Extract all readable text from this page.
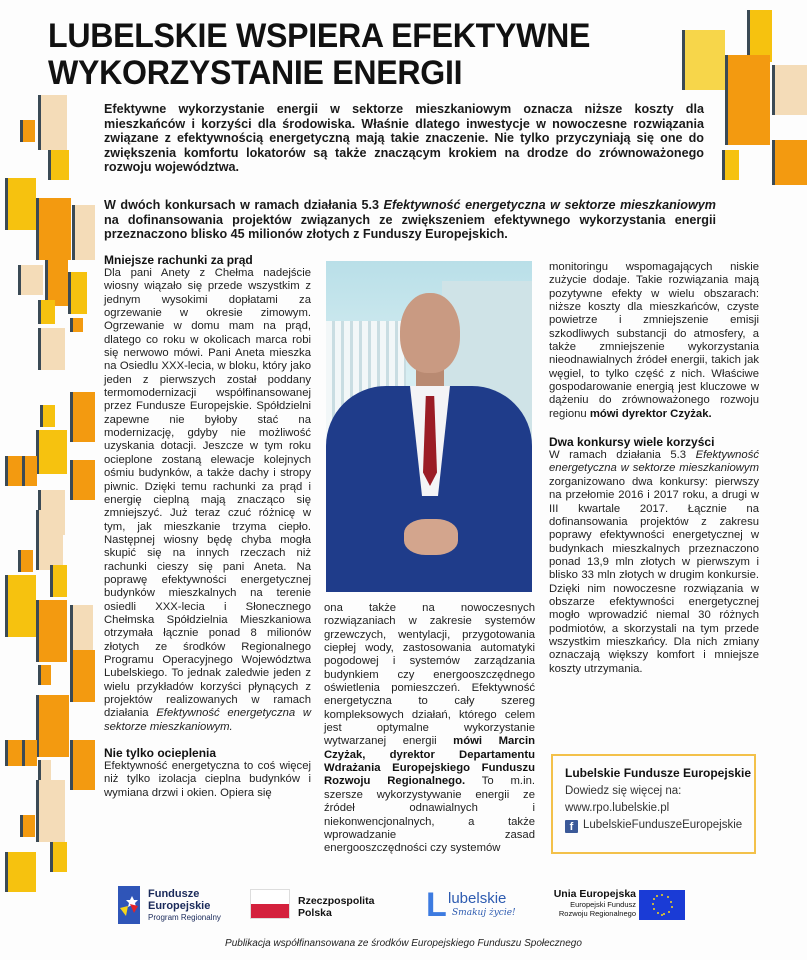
LUBELSKIE WSPIERA EFEKTYWNE
WYKORZYSTANIE ENERGII
Efektywne wykorzystanie energii w sektorze mieszkaniowym oznacza niższe koszty dla mieszkańców i korzyści dla środowiska. Właśnie dlatego inwestycje w nowoczesne rozwiązania związane z efektywnością energetyczną mają takie znaczenie. Nie tylko przyczyniają się one do zwiększenia komfortu lokatorów są także znaczącym krokiem na drodze do zrównoważonego rozwoju województwa.
W dwóch konkursach w ramach działania 5.3 Efektywność energetyczna w sektorze mieszkaniowym na dofinansowania projektów związanych ze zwiększeniem efektywnego wykorzystania energii przeznaczono blisko 45 milionów złotych z Funduszy Europejskich.
Mniejsze rachunki za prąd

Dla pani Anety z Chełma nadejście wiosny wiązało się przede wszystkim z jednym wysokimi dopłatami za ogrzewanie w okresie zimowym. Ogrzewanie w domu mam na prąd, dlatego co roku w okolicach marca robi się nerwowo mówi. Pani Aneta mieszka na Osiedlu XXX-lecia, w bloku, który jako jeden z pierwszych został poddany termomodernizacji współfinansowanej przez Fundusze Europejskie. Spółdzielni zapewne nie byłoby stać na modernizację, gdyby nie możliwość uzyskania dotacji. Jeszcze w tym roku ocieplone zostaną elewacje kolejnych ośmiu budynków, a także dachy i stropy piwnic. Dzięki temu rachunki za prąd i energię cieplną mają znacząco się zmniejszyć. Już teraz czuć różnicę w tym, jak mieszkanie trzyma ciepło. Następnej wiosny będę chyba mogła skupić się na innych rzeczach niż rachunki cieszy się pani Aneta. Na poprawę efektywności energetycznej budynków mieszkalnych na terenie osiedli XXX-lecia i Słonecznego Chełmska Spółdzielnia Mieszkaniowa otrzymała łącznie ponad 8 milionów złotych ze środków Regionalnego Programu Operacyjnego Województwa Lubelskiego. To jednak zaledwie jeden z wielu przykładów korzyści płynących z projektów realizowanych w ramach działania Efektywność energetyczna w sektorze mieszkaniowym.

Nie tylko ocieplenia

Efektywność energetyczna to coś więcej niż tylko izolacja cieplna budynków i wymiana drzwi i okien. Opiera się

ona także na nowoczesnych rozwiązaniach w zakresie systemów grzewczych, wentylacji, przygotowania ciepłej wody, zastosowania automatyki pogodowej i systemów zarządzania budynkiem czy energooszczędnego oświetlenia pomieszczeń. Efektywność energetyczna to cały szereg kompleksowych działań, którego celem jest optymalne wykorzystanie wytwarzanej energii mówi Marcin Czyżak, dyrektor Departamentu Wdrażania Europejskiego Funduszu Rozwoju Regionalnego. To m.in. szersze wykorzystywanie energii ze źródeł odnawialnych i niekonwencjonalnych, a także wprowadzanie zasad energooszczędności czy systemów

monitoringu wspomagających niskie zużycie dodaje. Takie rozwiązania mają pozytywne efekty w wielu obszarach: niższe koszty dla mieszkańców, czyste powietrze i zmniejszenie emisji szkodliwych substancji do atmosfery, a także zmniejszenie wykorzystania nieodnawialnych źródeł energii, takich jak węgiel, to tylko część z nich. Właściwe gospodarowanie energią jest kluczowe w dążeniu do zrównoważonego rozwoju regionu mówi dyrektor Czyżak.

Dwa konkursy wiele korzyści

W ramach działania 5.3 Efektywność energetyczna w sektorze mieszkaniowym zorganizowano dwa konkursy: pierwszy na przełomie 2016 i 2017 roku, a drugi w III kwartale 2017. Łącznie na dofinansowania projektów z zakresu poprawy efektywności energetycznej w budynkach mieszkalnych przeznaczono ponad 13,9 mln złotych w pierwszym i blisko 33 mln złotych w drugim konkursie. Dzięki nim nowoczesne rozwiązania w obszarze efektywności energetycznej mogło wprowadzić niemal 30 różnych podmiotów, a skorzystali na tym przede wszystkim mieszkańcy. Dla nich zmiany oznaczają większy komfort i mniejsze koszty utrzymania.

Lubelskie Fundusze Europejskie
Dowiedz się więcej na:
www.rpo.lubelskie.pl
f LubelskieFunduszeEuropejskie
Fundusze
Europejskie
Program Regionalny
Rzeczpospolita
Polska	L lubelskie
Smakuj życie!
Unia Europejska
Europejski Fundusz
Rozwoju Regionalnego
Publikacja współfinansowana ze środków Europejskiego Funduszu Społecznego
